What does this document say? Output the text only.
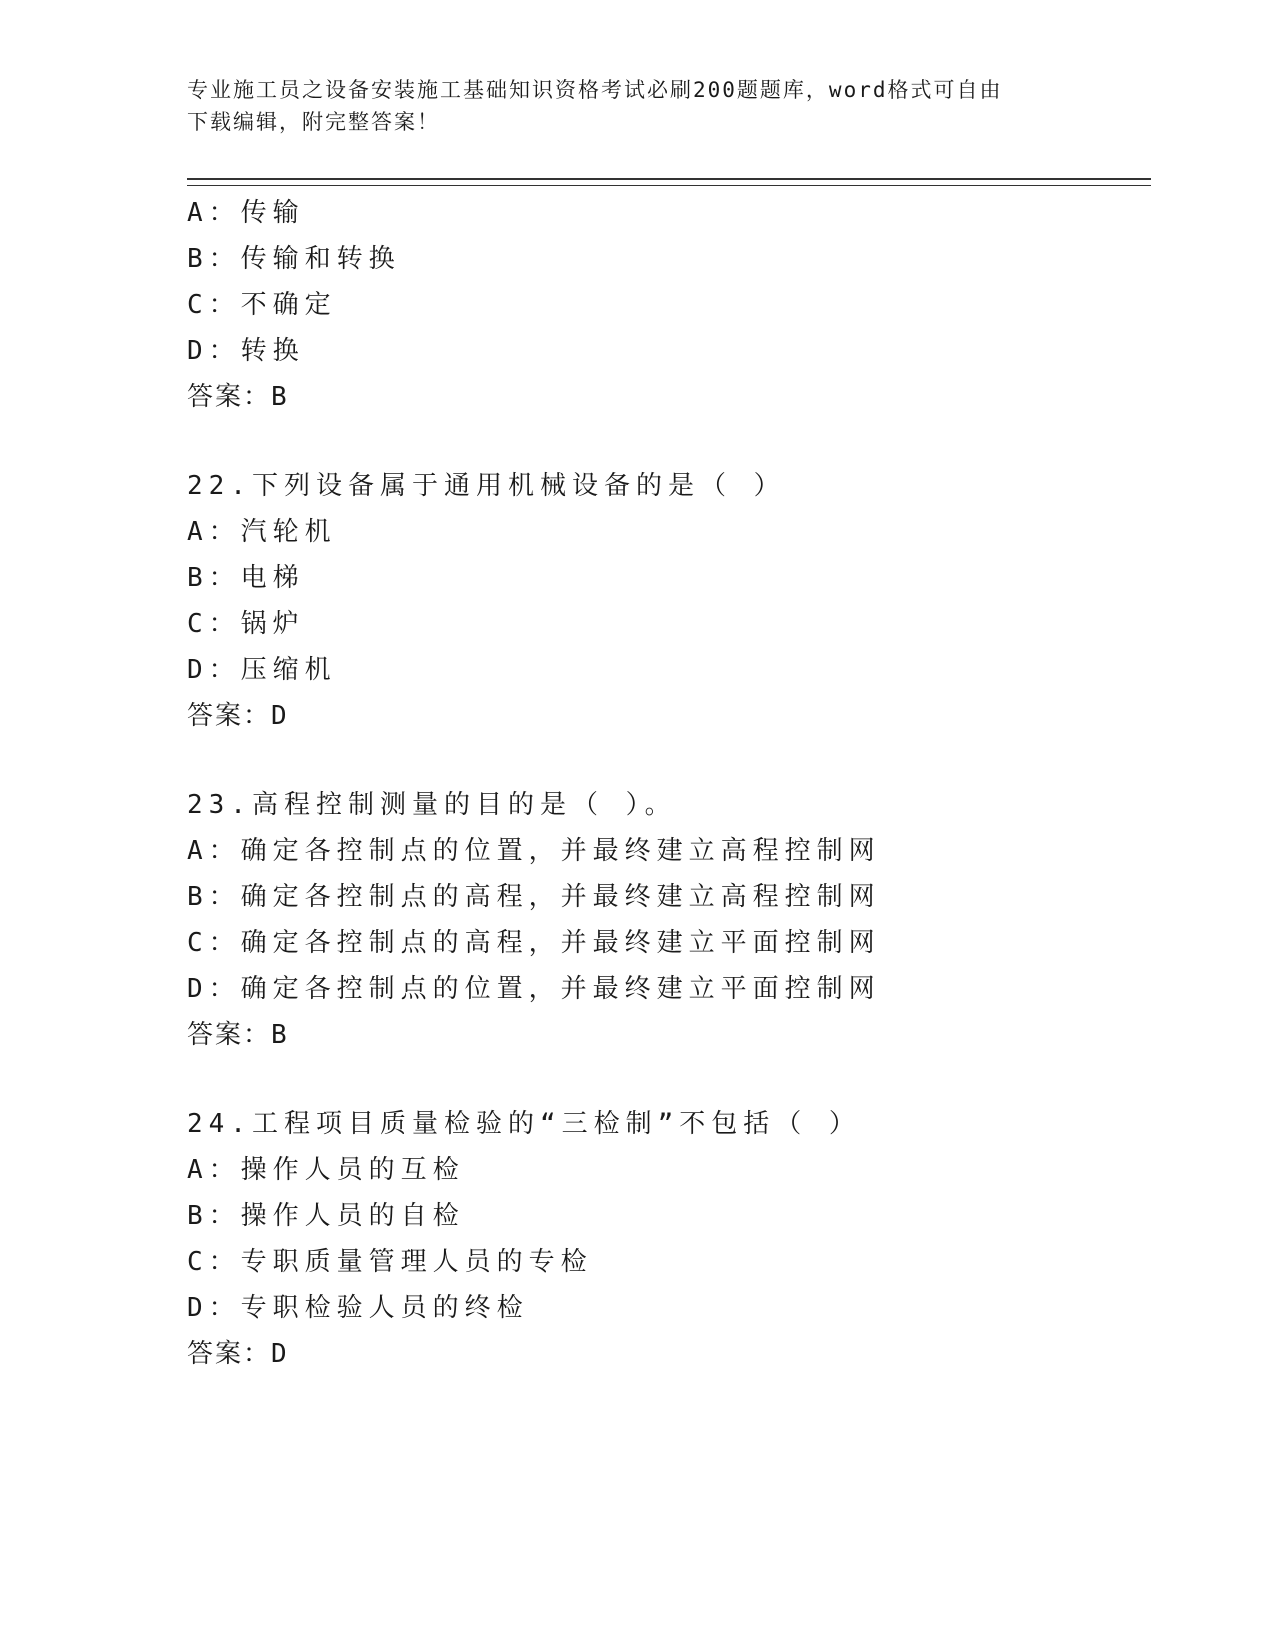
专业施工员之设备安装施工基础知识资格考试必刷200题题库，word格式可自由
下载编辑，附完整答案！
A：传输
B：传输和转换
C：不确定
D：转换
答案：B
22.下列设备属于通用机械设备的是（ ）
A：汽轮机
B：电梯
C：锅炉
D：压缩机
答案：D
23.高程控制测量的目的是（ ）。
A：确定各控制点的位置，并最终建立高程控制网
B：确定各控制点的高程，并最终建立高程控制网
C：确定各控制点的高程，并最终建立平面控制网
D：确定各控制点的位置，并最终建立平面控制网
答案：B
24.工程项目质量检验的“三检制”不包括（ ）
A：操作人员的互检
B：操作人员的自检
C：专职质量管理人员的专检
D：专职检验人员的终检
答案：D
